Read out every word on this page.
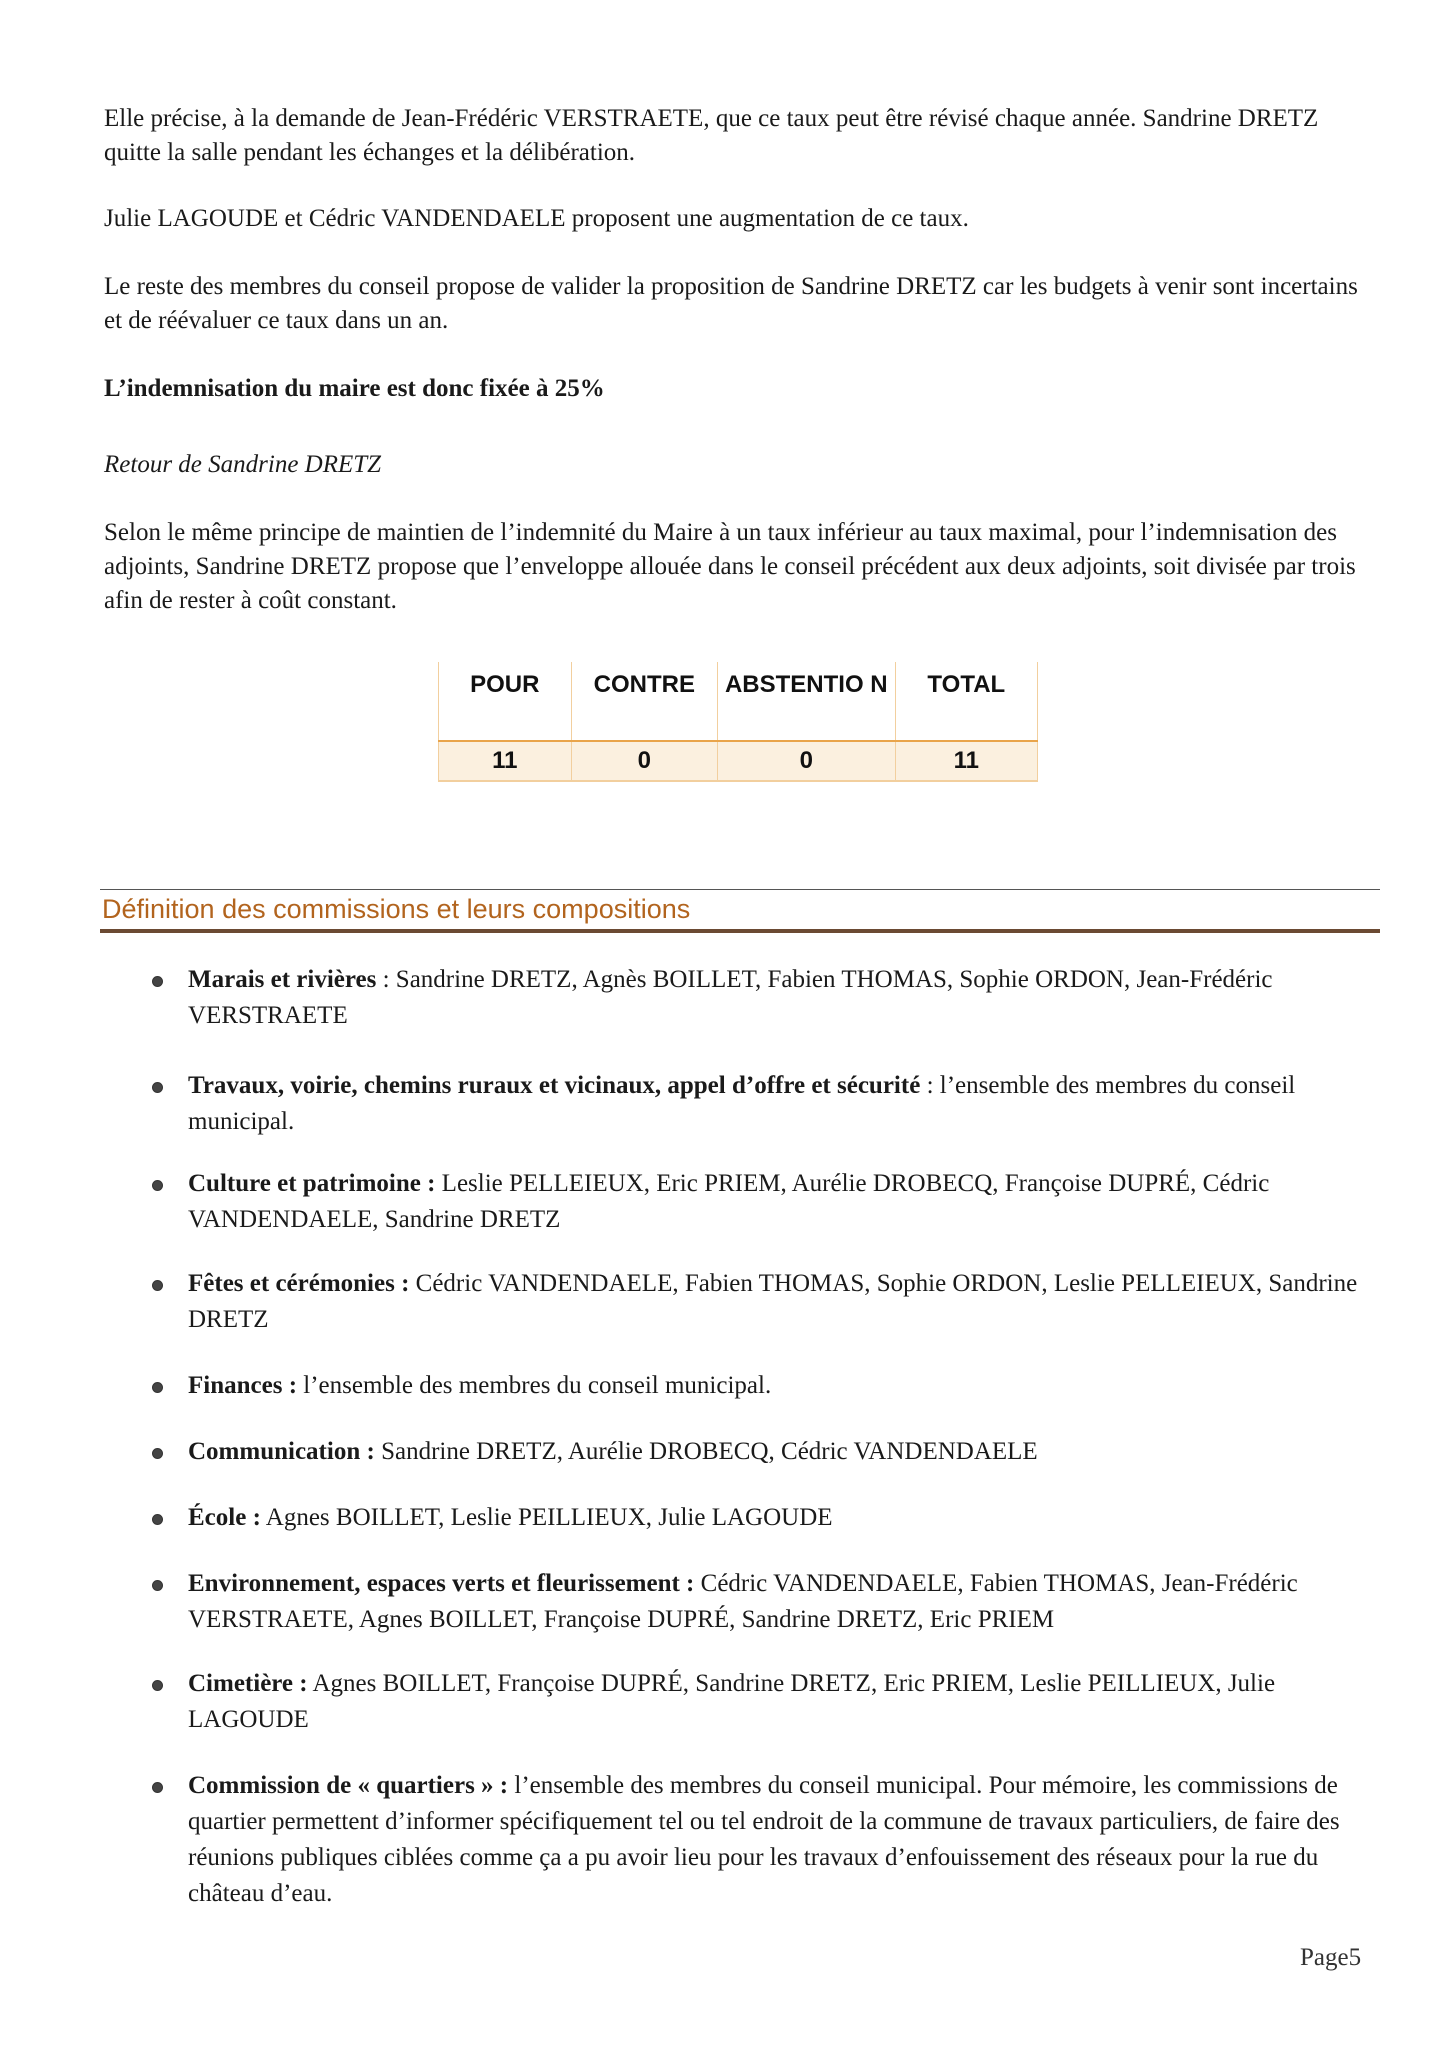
Elle précise, à la demande de Jean-Frédéric VERSTRAETE, que ce taux peut être révisé chaque année. Sandrine DRETZ quitte la salle pendant les échanges et la délibération.

Julie LAGOUDE et Cédric VANDENDAELE proposent une augmentation de ce taux.

Le reste des membres du conseil propose de valider la proposition de Sandrine DRETZ car les budgets à venir sont incertains et de réévaluer ce taux dans un an.

L’indemnisation du maire est donc fixée à 25%

Retour de Sandrine DRETZ

Selon le même principe de maintien de l’indemnité du Maire à un taux inférieur au taux maximal, pour l’indemnisation des adjoints, Sandrine DRETZ propose que l’enveloppe allouée dans le conseil précédent aux deux adjoints, soit divisée par trois afin de rester à coût constant.

POUR	CONTRE	ABSTENTIO N	TOTAL
11	0	0	11
Définition des commissions et leurs compositions
Marais et rivières : Sandrine DRETZ, Agnès BOILLET, Fabien THOMAS, Sophie ORDON, Jean-Frédéric VERSTRAETE
Travaux, voirie, chemins ruraux et vicinaux, appel d’offre et sécurité : l’ensemble des membres du conseil municipal.
Culture et patrimoine : Leslie PELLEIEUX, Eric PRIEM, Aurélie DROBECQ, Françoise DUPRÉ, Cédric VANDENDAELE, Sandrine DRETZ
Fêtes et cérémonies : Cédric VANDENDAELE, Fabien THOMAS, Sophie ORDON, Leslie PELLEIEUX, Sandrine DRETZ
Finances : l’ensemble des membres du conseil municipal.
Communication : Sandrine DRETZ, Aurélie DROBECQ, Cédric VANDENDAELE
École : Agnes BOILLET, Leslie PEILLIEUX, Julie LAGOUDE
Environnement, espaces verts et fleurissement : Cédric VANDENDAELE, Fabien THOMAS, Jean-Frédéric VERSTRAETE, Agnes BOILLET, Françoise DUPRÉ, Sandrine DRETZ, Eric PRIEM
Cimetière : Agnes BOILLET, Françoise DUPRÉ, Sandrine DRETZ, Eric PRIEM, Leslie PEILLIEUX, Julie LAGOUDE
Commission de « quartiers » : l’ensemble des membres du conseil municipal. Pour mémoire, les commissions de quartier permettent d’informer spécifiquement tel ou tel endroit de la commune de travaux particuliers, de faire des réunions publiques ciblées comme ça a pu avoir lieu pour les travaux d’enfouissement des réseaux pour la rue du château d’eau.
Page5
